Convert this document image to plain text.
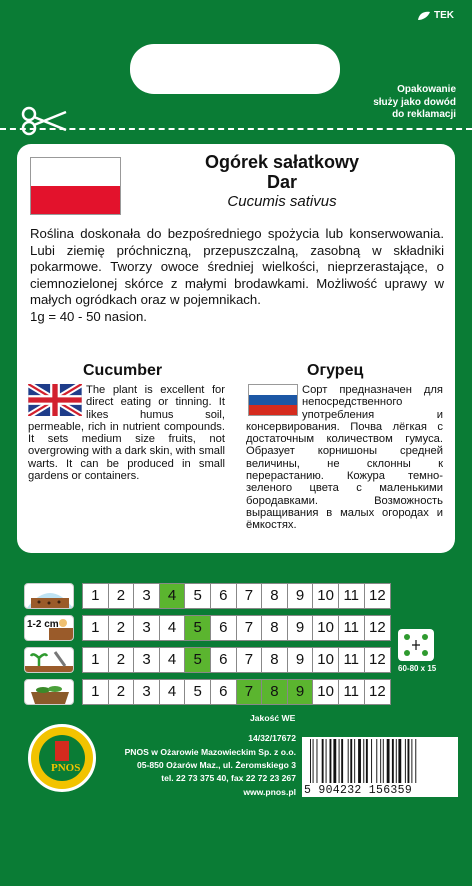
TEK
Opakowanie
służy jako dowód
do reklamacji
Ogórek sałatkowy
Dar
Cucumis sativus
Roślina doskonała do bezpośredniego spożycia lub konserwowania. Lubi ziemię próchniczną, przepuszczalną, zasobną w składniki pokarmowe. Tworzy owoce średniej wielkości, nieprzerastające, o ciemnozielonej skórce z małymi brodawkami. Możliwość uprawy w małych ogródkach oraz w pojemnikach.
1g = 40 - 50 nasion.
Cucumber	Огурец
The plant is excellent for direct eating or tinning. It likes humus soil, permeable, rich in nutrient compounds. It sets medium size fruits, not overgrowing with a dark skin, with small warts. It can be produced in small gardens or containers.
Сорт предназначен для непосредственного употребления и консервирования. Почва лёгкая с достаточным количеством гумуса. Образует корнишоны средней величины, не склонны к перерастанию. Кожура темно-зеленого цвета с маленькими бородавками. Возможность выращивания в малых огородах и ёмкостях.
1	2	3	4	5	6	7	8	9 10 11 12
1-2 cm	1	2	3	4	5	6	7	8	9 10 11 12
1	2	3	4	5	6	7	8	9 10 11 12
1	2	3	4	5	6	7	8	9 10 11 12
60-80 x 15
PNOS
Jakość WE
14/32/17672
PNOS w Ożarowie Mazowieckim Sp. z o.o.
05-850 Ożarów Maz., ul. Żeromskiego 3
tel. 22 73 375 40, fax 22 72 23 267
www.pnos.pl 5 904232 156359
